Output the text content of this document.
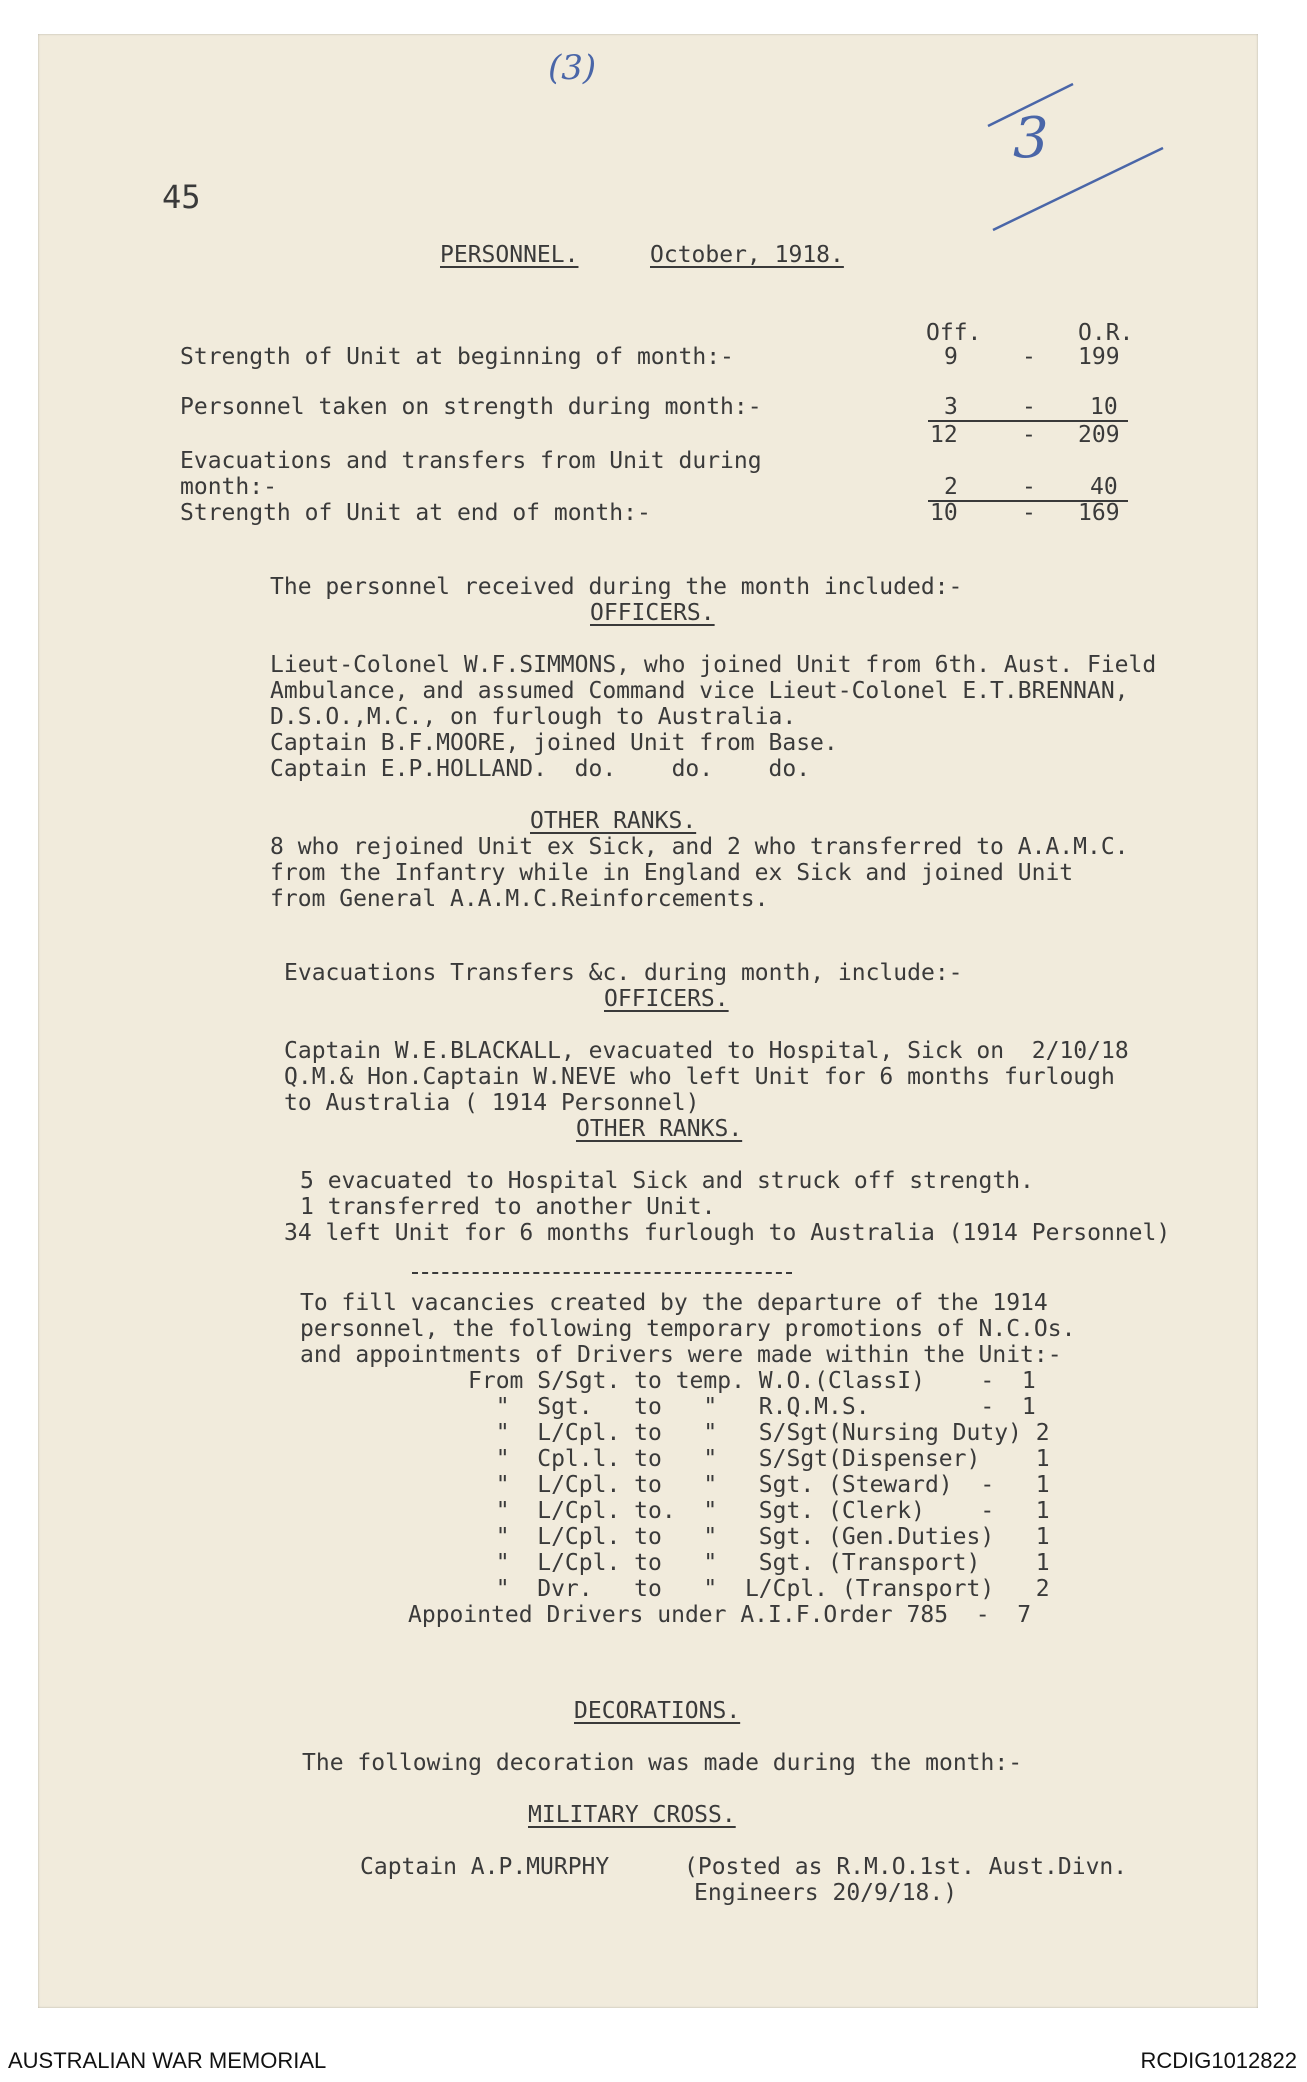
(3)
3
45
PERSONNEL.	October, 1918.
Off.	O.R.
Strength of Unit at beginning of month:-	9	- 199
Personnel taken on strength during month:-	3	- 10
12	- 209
Evacuations and transfers from Unit during
month:-	2	- 40
Strength of Unit at end of month:-	10	- 169
The personnel received during the month included:-
OFFICERS.
Lieut-Colonel W.F.SIMMONS, who joined Unit from 6th. Aust. Field
Ambulance, and assumed Command vice Lieut-Colonel E.T.BRENNAN,
D.S.O.,M.C., on furlough to Australia.
Captain B.F.MOORE, joined Unit from Base.
Captain E.P.HOLLAND.  do.    do.    do.
OTHER RANKS.
8 who rejoined Unit ex Sick, and 2 who transferred to A.A.M.C.
from the Infantry while in England ex Sick and joined Unit
from General A.A.M.C.Reinforcements.
Evacuations Transfers &c. during month, include:-
OFFICERS.
Captain W.E.BLACKALL, evacuated to Hospital, Sick on  2/10/18
Q.M.& Hon.Captain W.NEVE who left Unit for 6 months furlough
to Australia ( 1914 Personnel)
OTHER RANKS.
5 evacuated to Hospital Sick and struck off strength.
1 transferred to another Unit.
34 left Unit for 6 months furlough to Australia (1914 Personnel)
To fill vacancies created by the departure of the 1914
personnel, the following temporary promotions of N.C.Os.
and appointments of Drivers were made within the Unit:-
From S/Sgt. to temp. W.O.(ClassI)    -  1
"  Sgt.   to   "   R.Q.M.S.        -  1
"  L/Cpl. to   "   S/Sgt(Nursing Duty) 2
"  Cpl.l. to   "   S/Sgt(Dispenser)    1
"  L/Cpl. to   "   Sgt. (Steward)  -   1
"  L/Cpl. to.  "   Sgt. (Clerk)    -   1
"  L/Cpl. to   "   Sgt. (Gen.Duties)   1
"  L/Cpl. to   "   Sgt. (Transport)    1
"  Dvr.   to   "  L/Cpl. (Transport)   2
Appointed Drivers under A.I.F.Order 785  -  7
DECORATIONS.
The following decoration was made during the month:-
MILITARY CROSS.
Captain A.P.MURPHY	(Posted as R.M.O.1st. Aust.Divn.
Engineers 20/9/18.)
AUSTRALIAN WAR MEMORIAL	RCDIG1012822
